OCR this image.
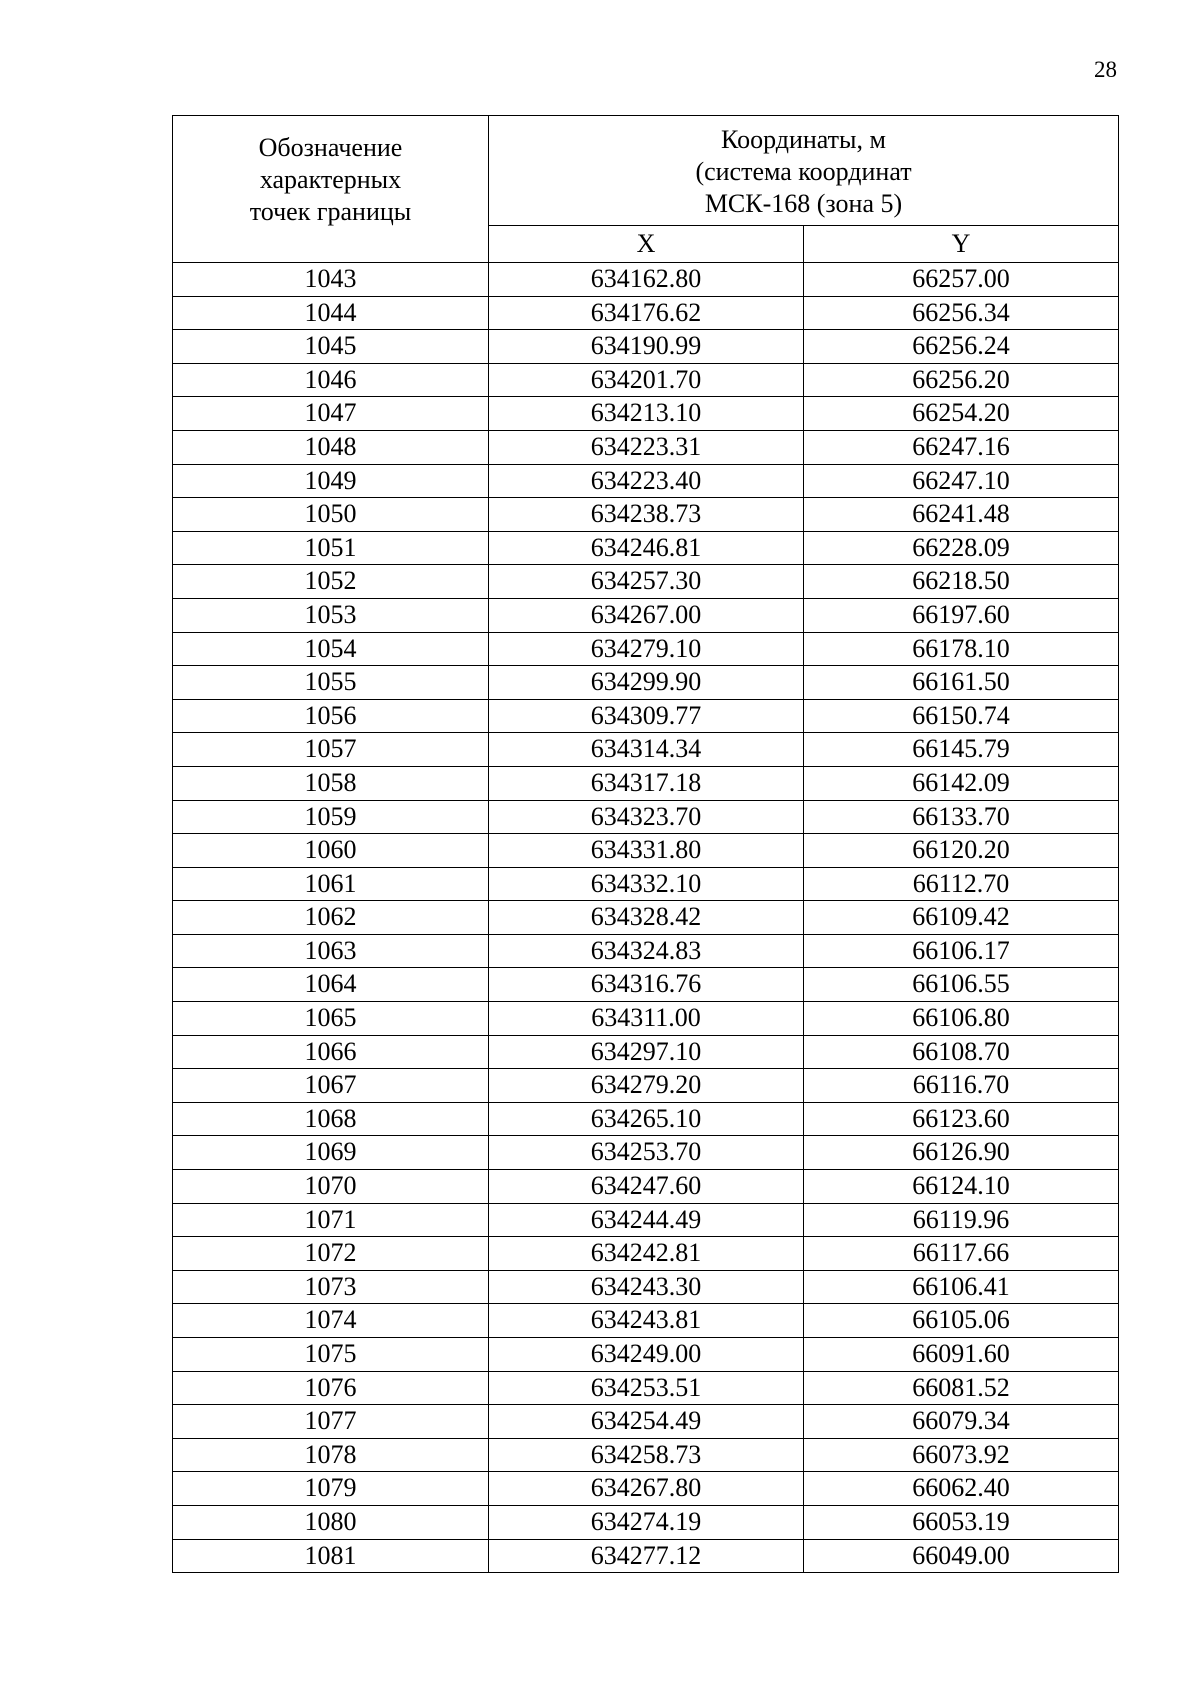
28
Обозначение
характерных
точек границы	Координаты, м
(система координат
МСК-168 (зона 5)	

	X	Y
1043	634162.80	66257.00
1044	634176.62	66256.34
1045	634190.99	66256.24
1046	634201.70	66256.20
1047	634213.10	66254.20
1048	634223.31	66247.16
1049	634223.40	66247.10
1050	634238.73	66241.48
1051	634246.81	66228.09
1052	634257.30	66218.50
1053	634267.00	66197.60
1054	634279.10	66178.10
1055	634299.90	66161.50
1056	634309.77	66150.74
1057	634314.34	66145.79
1058	634317.18	66142.09
1059	634323.70	66133.70
1060	634331.80	66120.20
1061	634332.10	66112.70
1062	634328.42	66109.42
1063	634324.83	66106.17
1064	634316.76	66106.55
1065	634311.00	66106.80
1066	634297.10	66108.70
1067	634279.20	66116.70
1068	634265.10	66123.60
1069	634253.70	66126.90
1070	634247.60	66124.10
1071	634244.49	66119.96
1072	634242.81	66117.66
1073	634243.30	66106.41
1074	634243.81	66105.06
1075	634249.00	66091.60
1076	634253.51	66081.52
1077	634254.49	66079.34
1078	634258.73	66073.92
1079	634267.80	66062.40
1080	634274.19	66053.19
1081	634277.12	66049.00
